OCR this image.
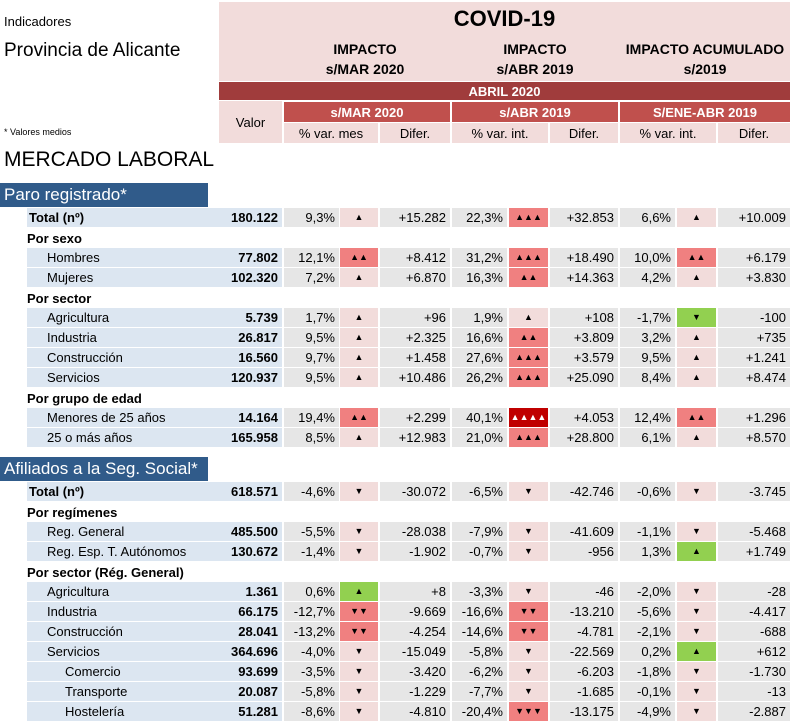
Indicadores
Provincia de Alicante
* Valores medios
MERCADO LABORAL
COVID-19
IMPACTO
s/MAR 2020
IMPACTO
s/ABR 2019
IMPACTO ACUMULADO
s/2019
ABRIL 2020
Valor
s/MAR 2020	s/ABR 2019	S/ENE-ABR 2019
% var. mes	Difer.	% var. int.	Difer.	% var. int.	Difer.
Paro registrado*
Afiliados a la Seg. Social*
Total (nº)	180.122	9,3%	▲	+15.282	22,3%	▲▲▲	+32.853	6,6%	▲	+10.009
Por sexo
Hombres	77.802	12,1%	▲▲	+8.412	31,2%	▲▲▲	+18.490	10,0%	▲▲	+6.179
Mujeres	102.320	7,2%	▲	+6.870	16,3%	▲▲	+14.363	4,2%	▲	+3.830
Por sector
Agricultura	5.739	1,7%	▲	+96	1,9%	▲	+108	-1,7%	▼	-100
Industria	26.817	9,5%	▲	+2.325	16,6%	▲▲	+3.809	3,2%	▲	+735
Construcción	16.560	9,7%	▲	+1.458	27,6%	▲▲▲	+3.579	9,5%	▲	+1.241
Servicios	120.937	9,5%	▲	+10.486	26,2%	▲▲▲	+25.090	8,4%	▲	+8.474
Por grupo de edad
Menores de 25 años	14.164	19,4%	▲▲	+2.299	40,1% ▲▲▲▲	+4.053	12,4%	▲▲	+1.296
25 o más años	165.958	8,5%	▲	+12.983	21,0%	▲▲▲	+28.800	6,1%	▲	+8.570
Total (nº)	618.571	-4,6%	▼	-30.072	-6,5%	▼	-42.746	-0,6%	▼	-3.745
Por regímenes
Reg. General	485.500	-5,5%	▼	-28.038	-7,9%	▼	-41.609	-1,1%	▼	-5.468
Reg. Esp. T. Autónomos	130.672	-1,4%	▼	-1.902	-0,7%	▼	-956	1,3%	▲	+1.749
Por sector (Rég. General)
Agricultura	1.361	0,6%	▲	+8	-3,3%	▼	-46	-2,0%	▼	-28
Industria	66.175	-12,7%	▼▼	-9.669	-16,6%	▼▼	-13.210	-5,6%	▼	-4.417
Construcción	28.041	-13,2%	▼▼	-4.254	-14,6%	▼▼	-4.781	-2,1%	▼	-688
Servicios	364.696	-4,0%	▼	-15.049	-5,8%	▼	-22.569	0,2%	▲	+612
Comercio	93.699	-3,5%	▼	-3.420	-6,2%	▼	-6.203	-1,8%	▼	-1.730
Transporte	20.087	-5,8%	▼	-1.229	-7,7%	▼	-1.685	-0,1%	▼	-13
Hostelería	51.281	-8,6%	▼	-4.810	-20,4%	▼▼▼	-13.175	-4,9%	▼	-2.887
